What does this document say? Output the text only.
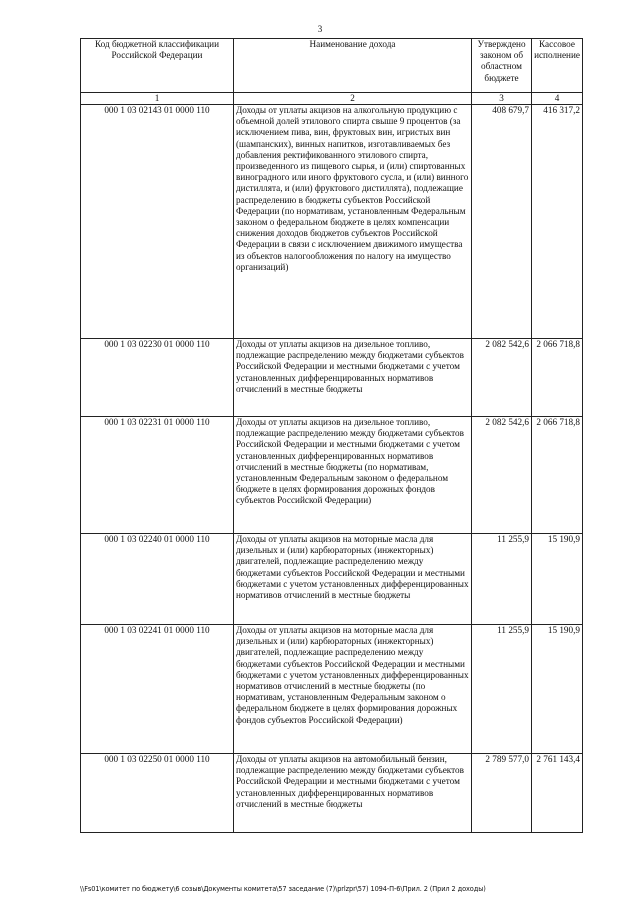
3
Код бюджетной классификации Российской Федерации	Наименование дохода	Утверждено законом об областном бюджете	Кассовое исполнение
1	2	3	4
000 1 03 02143 01 0000 110	Доходы от уплаты акцизов на алкогольную продукцию с объемной долей этилового спирта свыше 9 процентов (за исключением пива, вин, фруктовых вин, игристых вин (шампанских), винных напитков, изготавливаемых без добавления ректификованного этилового спирта, произведенного из пищевого сырья, и (или) спиртованных виноградного или иного фруктового сусла, и (или) винного дистиллята, и (или) фруктового дистиллята), подлежащие распределению в бюджеты субъектов Российской Федерации (по нормативам, установленным Федеральным законом о федеральном бюджете в целях компенсации снижения доходов бюджетов субъектов Российской Федерации в связи с исключением движимого имущества из объектов налогообложения по налогу на имущество организаций)	408 679,7	416 317,2
000 1 03 02230 01 0000 110	Доходы от уплаты акцизов на дизельное топливо, подлежащие распределению между бюджетами субъектов Российской Федерации и местными бюджетами с учетом установленных дифференцированных нормативов отчислений в местные бюджеты	2 082 542,6	2 066 718,8
000 1 03 02231 01 0000 110	Доходы от уплаты акцизов на дизельное топливо, подлежащие распределению между бюджетами субъектов Российской Федерации и местными бюджетами с учетом установленных дифференцированных нормативов отчислений в местные бюджеты (по нормативам, установленным Федеральным законом о федеральном бюджете в целях формирования дорожных фондов субъектов Российской Федерации)	2 082 542,6	2 066 718,8
000 1 03 02240 01 0000 110	Доходы от уплаты акцизов на моторные масла для дизельных и (или) карбюраторных (инжекторных) двигателей, подлежащие распределению между бюджетами субъектов Российской Федерации и местными бюджетами с учетом установленных дифференцированных нормативов отчислений в местные бюджеты	11 255,9	15 190,9
000 1 03 02241 01 0000 110	Доходы от уплаты акцизов на моторные масла для дизельных и (или) карбюраторных (инжекторных) двигателей, подлежащие распределению между бюджетами субъектов Российской Федерации и местными бюджетами с учетом установленных дифференцированных нормативов отчислений в местные бюджеты (по нормативам, установленным Федеральным законом о федеральном бюджете в целях формирования дорожных фондов субъектов Российской Федерации)	11 255,9	15 190,9
000 1 03 02250 01 0000 110	Доходы от уплаты акцизов на автомобильный бензин, подлежащие распределению между бюджетами субъектов Российской Федерации и местными бюджетами с учетом установленных дифференцированных нормативов отчислений в местные бюджеты	2 789 577,0	2 761 143,4
\\Fs01\комитет по бюджету\6 созыв\Документы комитета\57 заседание (7)\prlzpr\57) 1094-П-6\Прил. 2 (Прил 2 доходы)
